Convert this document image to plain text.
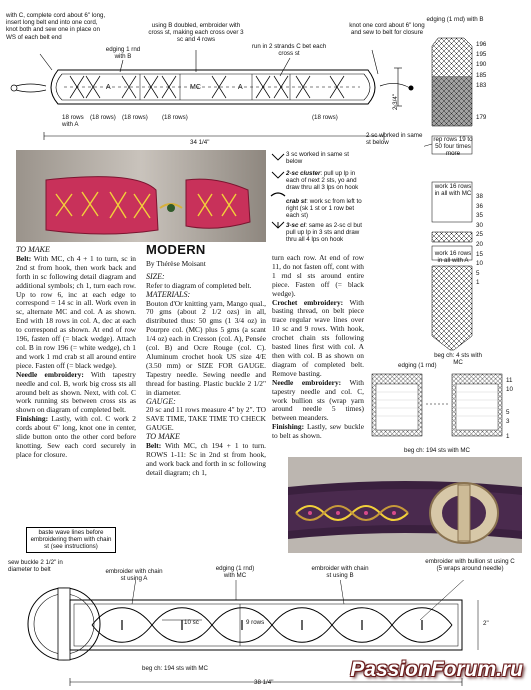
with C, complete cord about 6" long, insert long belt end into one cord, knot both and sew one in place on WS of each belt end
using B doubled, embroider with cross st, making each cross over 3 sc and 4 rows
edging 1 rnd with B
run in 2 strands C bet each cross st
knot one cord about 6" long and sew to belt for closure
A	MC	A
(18 rows) (18 rows) (18 rows)	(18 rows)
18 rows with A
34 1/4"
2 3/4"
edging (1 rnd) with B
196
195
190
185
183
179
38
36
35
30
25
20
15
10
5
1
2 sc worked in same st below	rep rows 19 to 50 four times more
work 16 rows in all with MC
work 16 rows in all with A
beg ch: 4 sts with MC
3 sc worked in same st below
2-sc cluster: pull up lp in each of next 2 sts, yo and draw thru all 3 lps on hook
crab st: work sc from left to right (sk 1 st or 1 row bet each st)
3-sc cl: same as 2-sc cl but pull up lp in 3 sts and draw thru all 4 lps on hook

TO MAKE

Belt: With MC, ch 4 + 1 to turn, sc in 2nd st from hook, then work back and forth in sc following detail diagram and additional symbols; ch 1, turn each row. Up to row 6, inc at each edge to correspond = 14 sc in all. Work even in sc, alternate MC and col. A as shown. End with 18 rows in col. A, dec at each to correspond as shown. At end of row 196, fasten off (= black wedge). Attach col. B in row 196 (= white wedge), ch 1 and work 1 rnd crab st all around entire piece. Fasten off (= black wedge).

Needle embroidery: With tapestry needle and col. B, work big cross sts all around belt as shown. Next, with col. C work running sts between cross sts as shown on diagram of completed belt.

Finishing: Lastly, with col. C work 2 cords about 6" long, knot one in center, slide button onto the other cord before knotting. Sew each cord securely in place for closure.

MODERN

By Thérèse Moisant

SIZE:

Refer to diagram of completed belt.

MATERIALS:

Bouton d'Or knitting yarn, Mango qual., 70 gms (about 2 1/2 ozs) in all, distributed thus: 50 gms (1 3/4 oz) in Pourpre col. (MC) plus 5 gms (a scant 1/4 oz) each in Cresson (col. A), Pensée (col. B) and Ocre Rouge (col. C). Aluminum crochet hook US size 4/E (3.50 mm) or SIZE FOR GAUGE. Tapestry needle. Sewing needle and thread for basting. Plastic buckle 2 1/2" in diameter.

GAUGE:

20 sc and 11 rows measure 4" by 2". TO SAVE TIME, TAKE TIME TO CHECK GAUGE.

TO MAKE

Belt: With MC, ch 194 + 1 to turn. ROWS 1-11: Sc in 2nd st from hook, and work back and forth in sc following detail diagram; ch 1,

turn each row. At end of row 11, do not fasten off, cont with 1 rnd sl sts around entire piece. Fasten off (= black wedge).

Crochet embroidery: With basting thread, on belt piece trace regular wave lines over 10 sc and 9 rows. With hook, crochet chain sts following basted lines first with col. A then with col. B as shown on diagram of completed belt. Remove basting.

Needle embroidery: With tapestry needle and col. C, work bullion sts (wrap yarn around needle 5 times) between meanders.

Finishing: Lastly, sew buckle to belt as shown.

edging (1 rnd)
11
10
5
3
1
beg ch: 194 sts with MC
baste wave lines before embroidering them with chain st (see instructions)
sew buckle 2 1/2" in diameter to belt	embroider with chain st using A
edging (1 rnd) with MC
embroider with chain st using B
embroider with bullion st using C (5 wraps around needle)
10 sc	9 rows	2"
beg ch: 194 sts with MC
38 1/4"
PassionForum.ru
